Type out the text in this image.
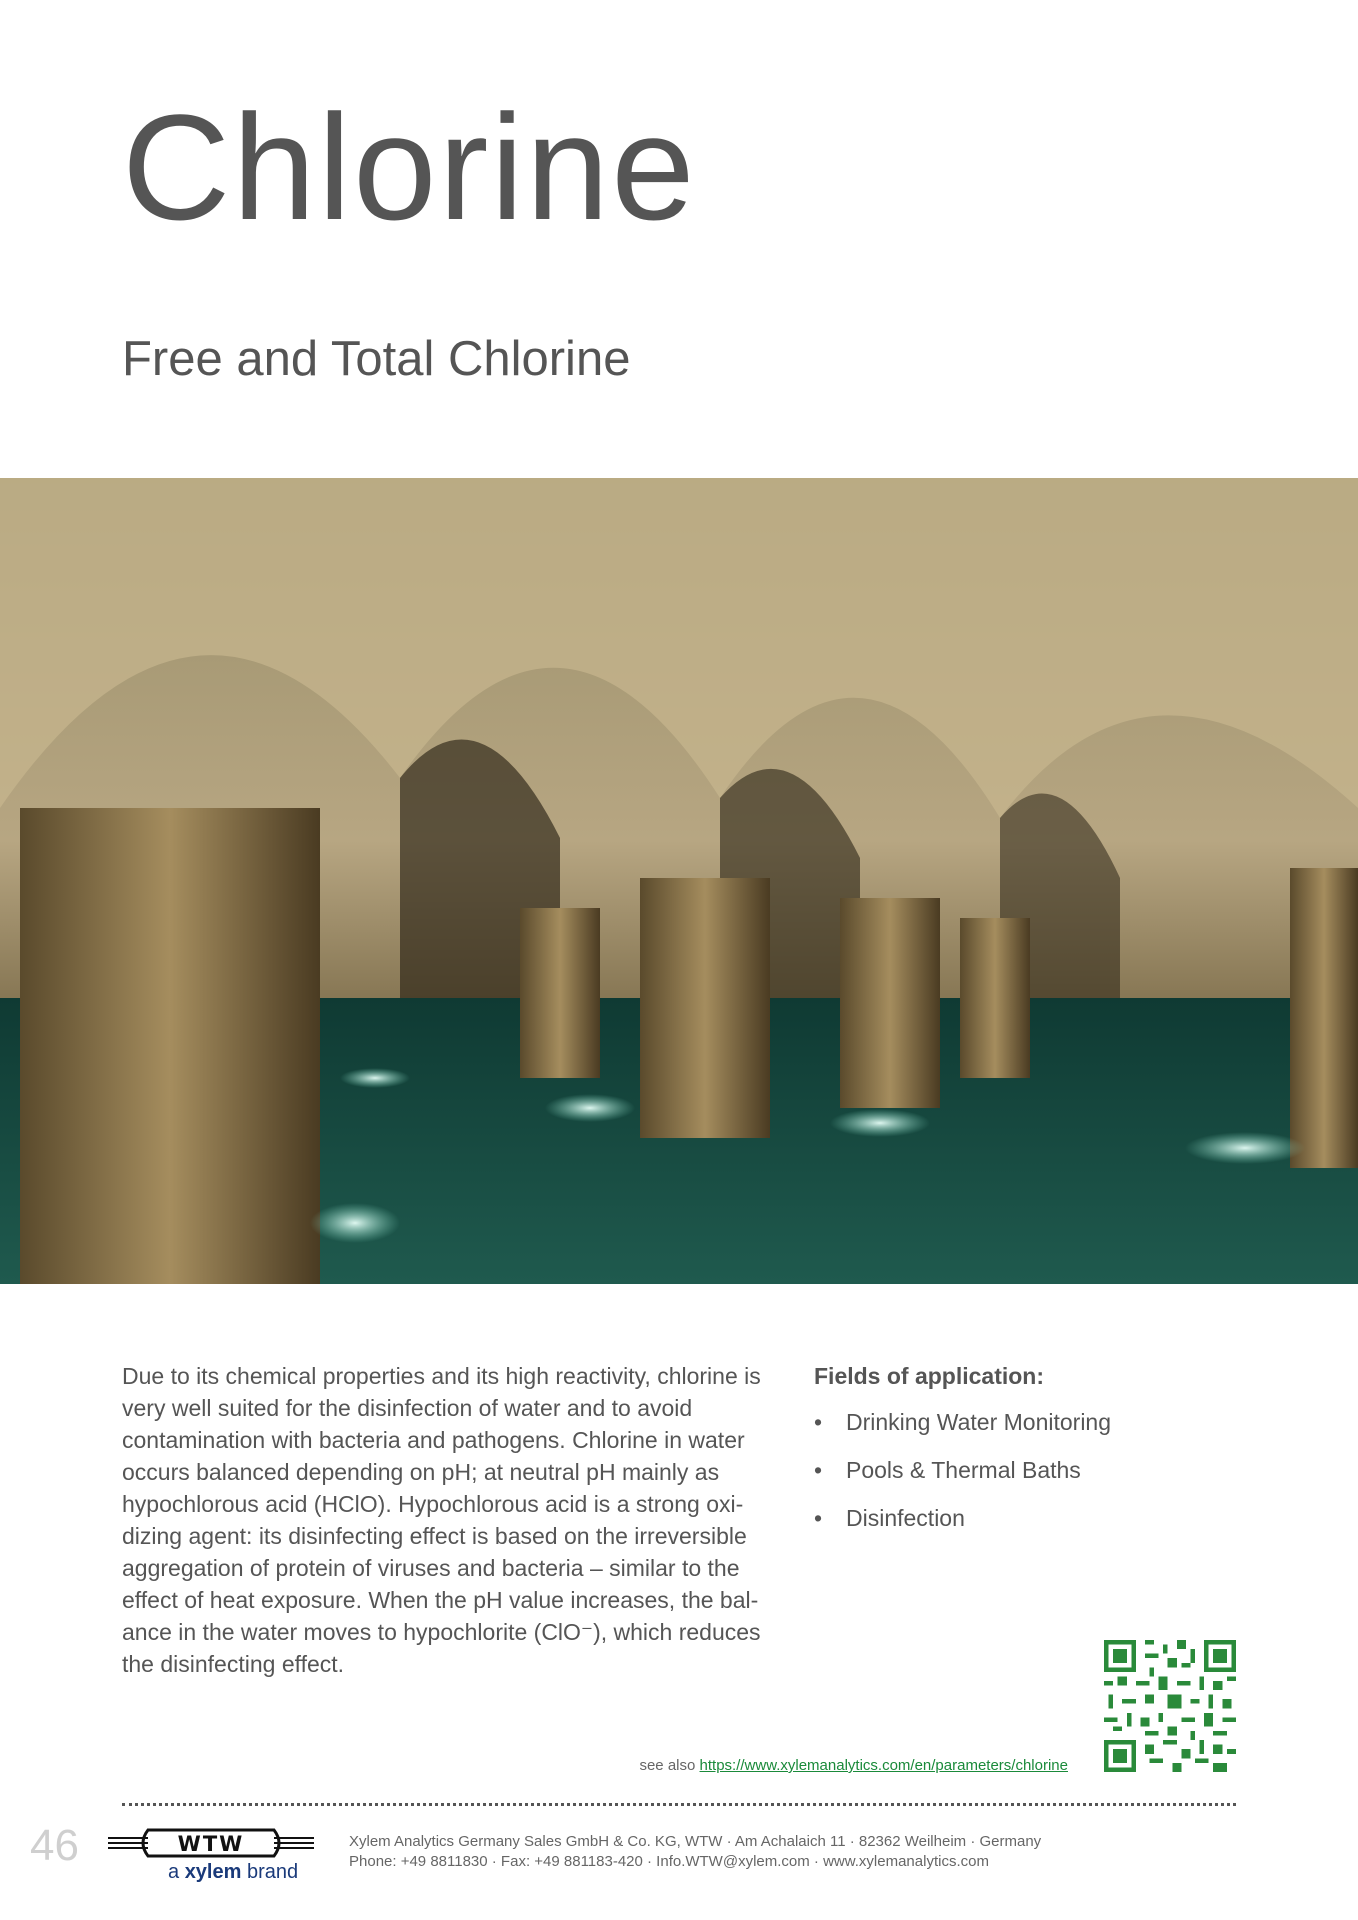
Chlorine
Free and Total Chlorine

Due to its chemical properties and its high reactivity, chlorine is very well suited for the disinfection of water and to avoid contamination with bacteria and pathogens. Chlorine in water occurs balanced depending on pH; at neutral pH mainly as hypochlorous acid (HClO). Hypochlorous acid is a strong oxi-dizing agent: its disinfecting effect is based on the irreversible aggregation of protein of viruses and bacteria – similar to the effect of heat exposure. When the pH value increases, the bal-ance in the water moves to hypochlorite (ClO⁻), which reduces the disinfecting effect.

Fields of application:
• Drinking Water Monitoring
• Pools & Thermal Baths
• Disinfection
see also https://www.xylemanalytics.com/en/parameters/chlorine
46	WTW
a xylem brand
Xylem Analytics Germany Sales GmbH & Co. KG, WTW · Am Achalaich 11 · 82362 Weilheim · Germany
Phone: +49 8811830 · Fax: +49 881183-420 · Info.WTW@xylem.com · www.xylemanalytics.com
